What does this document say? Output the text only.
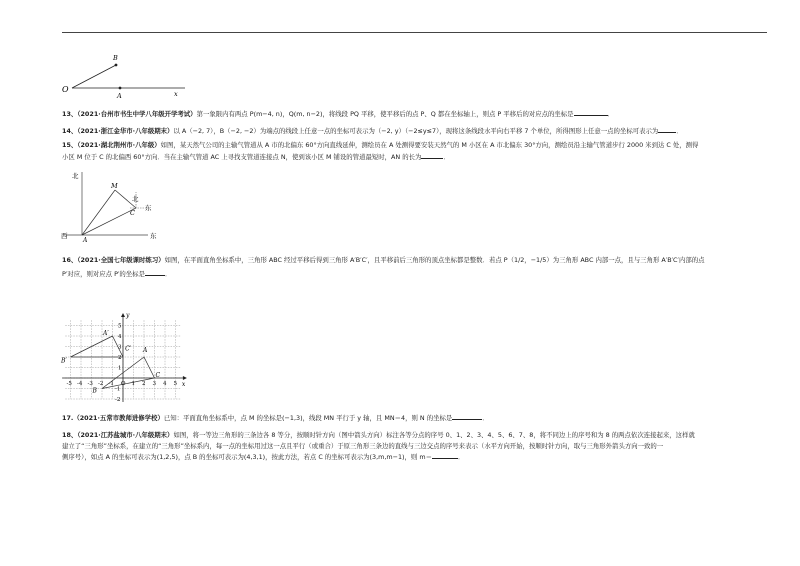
O
B
A	x
13、（2021·台州市书生中学八年级开学考试）第一象限内有两点 P(m−4, n)，Q(m, n−2)，将线段 PQ 平移，使平移后的点 P、Q 都在坐标轴上，则点 P 平移后的对应点的坐标是	．
14、（2021·浙江金华市·八年级期末）以 A（−2, 7），B（−2, −2）为端点的线段上任意一点的坐标可表示为（−2, y）（−2≤y≤7），现将这条线段水平向右平移 7 个单位，所得图形上任意一点的坐标可表示为	．
15、（2021·湖北荆州市·八年级）如图，某天然气公司的主输气管道从 A 市的北偏东 60°方向直线延伸，测绘员在 A 处测得要安装天然气的 M 小区在 A 市北偏东 30°方向，测绘员沿主输气管道步行 2000 米到达 C 处，测得
小区 M 位于 C 的北偏西 60°方向．当在主输气管道 AC 上寻找支管道连接点 N，使到该小区 M 铺设的管道最短时，AN 的长为	．
北
西	东
北
东
M
C
A
16、（2021·全国七年级课时练习）如图，在平面直角坐标系中，三角形 ABC 经过平移后得到三角形 A′B′C′，且平移前后三角形的顶点坐标都是整数．若点 P（1/2，−1/5）为三角形 ABC 内部一点，且与三角形 A′B′C′内部的点
P′对应，则对应点 P′的坐标是	．
-5 -4 -3 -2 -1 O 1 2 3 4 5
5
4
3
2
1
-1
-2
x
y
A′
B′
C′ A
B
C
17.（2021·五常市教师进修学校）已知：平面直角坐标系中，点 M 的坐标是(−1,3)，线段 MN 平行于 y 轴，且 MN＝4，则 N 的坐标是	．
18、（2021·江苏盐城市·八年级期末）如图，将一等边三角形的三条边各 8 等分，按顺时针方向（图中箭头方向）标注各等分点的序号 0、1、2、3、4、5、6、7、8，将不同边上的序号和为 8 的两点依次连接起来，这样就
建立了“三角形”坐标系，在建立的“三角形”坐标系内，每一点的坐标用过这一点且平行（或重合）于原三角形三条边的直线与三边交点的序号来表示（水平方向开始，按顺时针方向，取与三角形外箭头方向一致的一
侧序号），如点 A 的坐标可表示为(1,2,5)，点 B 的坐标可表示为(4,3,1)，按此方法，若点 C 的坐标可表示为(3,m,m−1)，则 m＝	．
